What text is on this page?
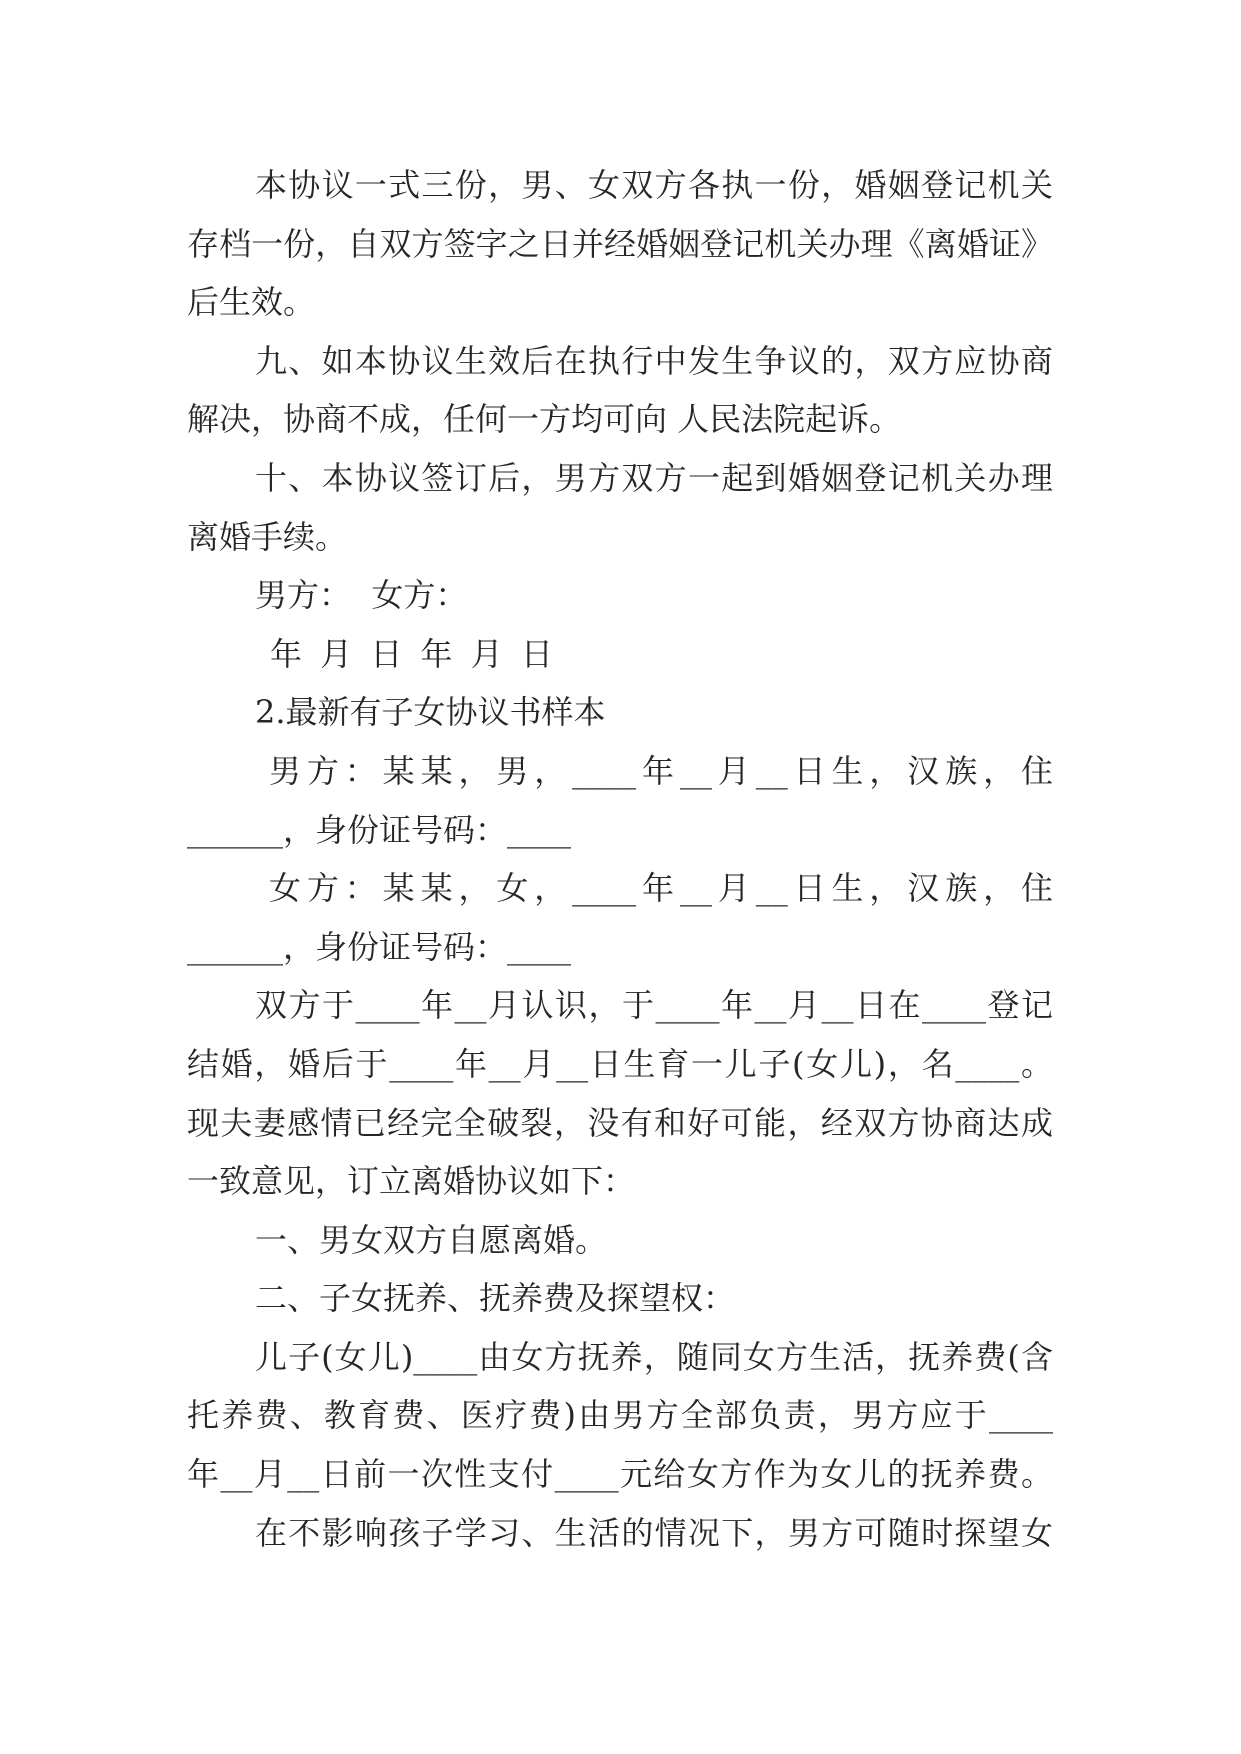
本协议一式三份，男、女双方各执一份，婚姻登记机关
存档一份，自双方签字之日并经婚姻登记机关办理《离婚证》
后生效。
九、如本协议生效后在执行中发生争议的，双方应协商
解决，协商不成，任何一方均可向 人民法院起诉。
十、本协议签订后，男方双方一起到婚姻登记机关办理
离婚手续。
男方：  女方：
年 月 日 年 月 日
2.最新有子女协议书样本
男方：某某，男，____年__月__日生，汉族，住
______，身份证号码：____
女方：某某，女，____年__月__日生，汉族，住
______，身份证号码：____
双方于____年__月认识，于____年__月__日在____登记
结婚，婚后于____年__月__日生育一儿子(女儿)，名____。
现夫妻感情已经完全破裂，没有和好可能，经双方协商达成
一致意见，订立离婚协议如下：
一、男女双方自愿离婚。
二、子女抚养、抚养费及探望权：
儿子(女儿)____由女方抚养，随同女方生活，抚养费(含
托养费、教育费、医疗费)由男方全部负责，男方应于____
年__月__日前一次性支付____元给女方作为女儿的抚养费。
在不影响孩子学习、生活的情况下，男方可随时探望女
